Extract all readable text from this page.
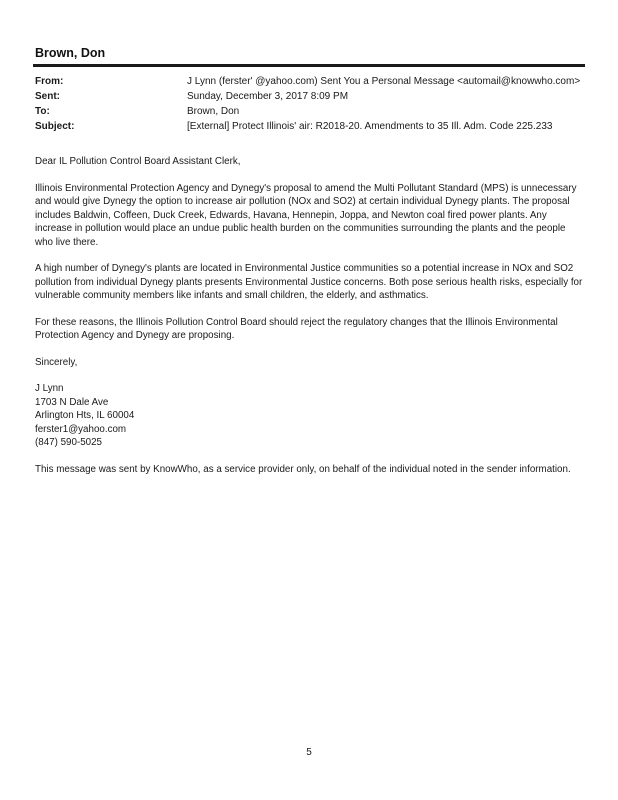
Brown, Don
From:	J Lynn (ferster' @yahoo.com) Sent You a Personal Message <automail@knowwho.com>
Sent:	Sunday, December 3, 2017 8:09 PM
To:	Brown, Don
Subject:	[External] Protect Illinois' air: R2018-20. Amendments to 35 Ill. Adm. Code 225.233

Dear IL Pollution Control Board Assistant Clerk,

Illinois Environmental Protection Agency and Dynegy's proposal to amend the Multi Pollutant Standard (MPS) is unnecessary and would give Dynegy the option to increase air pollution (NOx and SO2) at certain individual Dynegy plants. The proposal includes Baldwin, Coffeen, Duck Creek, Edwards, Havana, Hennepin, Joppa, and Newton coal fired power plants. Any increase in pollution would place an undue public health burden on the communities surrounding the plants and the people who live there.

A high number of Dynegy's plants are located in Environmental Justice communities so a potential increase in NOx and SO2 pollution from individual Dynegy plants presents Environmental Justice concerns. Both pose serious health risks, especially for vulnerable community members like infants and small children, the elderly, and asthmatics.

For these reasons, the Illinois Pollution Control Board should reject the regulatory changes that the Illinois Environmental Protection Agency and Dynegy are proposing.

Sincerely,

J Lynn
1703 N Dale Ave
Arlington Hts, IL 60004
ferster1@yahoo.com
(847) 590-5025

This message was sent by KnowWho, as a service provider only, on behalf of the individual noted in the sender information.

5
